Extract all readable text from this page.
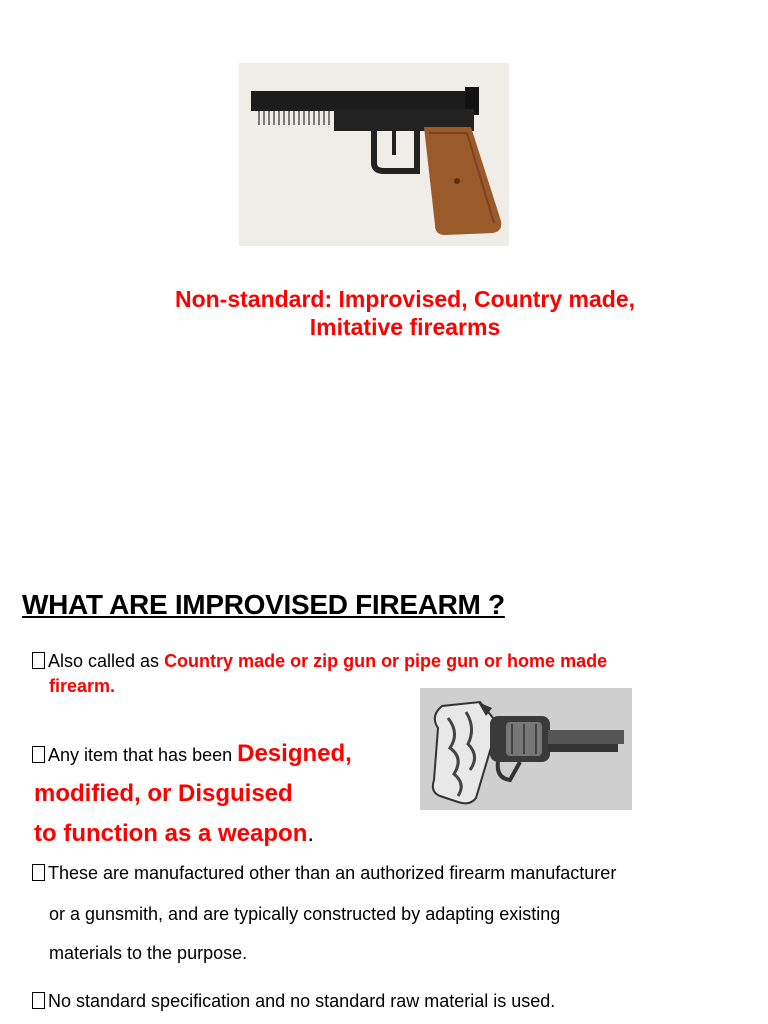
Non-standard: Improvised, Country made,
Imitative firearms
WHAT ARE IMPROVISED FIREARM ?
Also called as Country made or zip gun or pipe gun or home made
firearm.
Any item that has been Designed,
modified, or Disguised
to function as a weapon.
These are manufactured other than an authorized firearm manufacturer
or a gunsmith, and are typically constructed by adapting existing
materials to the purpose.
No standard specification and no standard raw material is used.
